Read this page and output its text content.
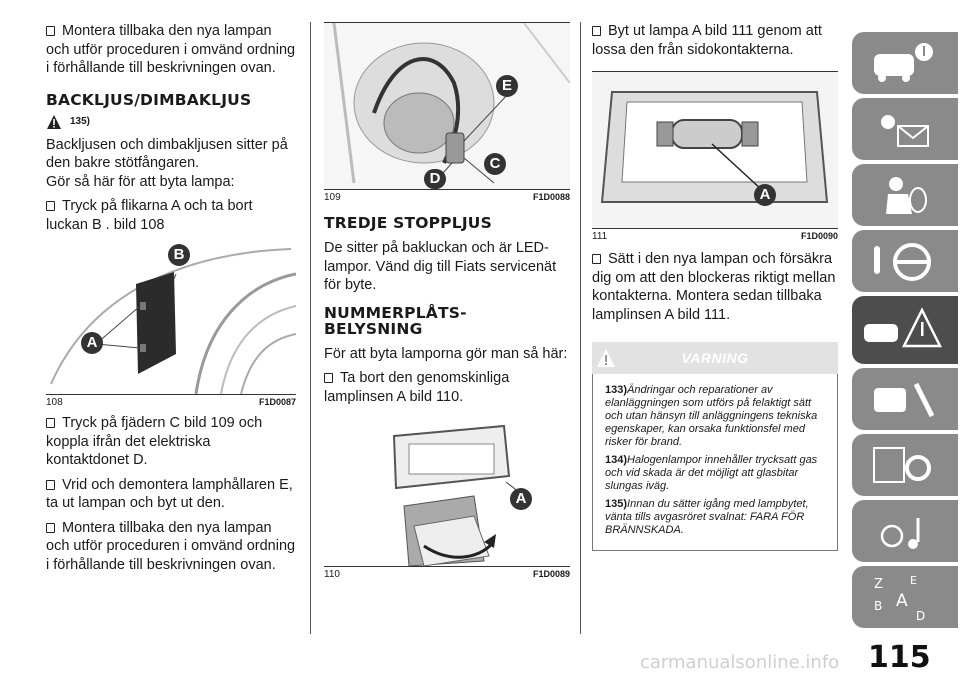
Montera tillbaka den nya lampan och utför proceduren i omvänd ordning i förhållande till beskrivningen ovan.

BACKLJUS/DIMBAKLJUS
135)

Backljusen och dimbakljusen sitter på den bakre stötfångaren.

Gör så här för att byta lampa:

Tryck på flikarna A och ta bort luckan B . bild 108

A
B
108	F1D0087

Tryck på fjädern C bild 109 och koppla ifrån det elektriska kontaktdonet D.

Vrid och demontera lamphållaren E, ta ut lampan och byt ut den.

Montera tillbaka den nya lampan och utför proceduren i omvänd ordning i förhållande till beskrivningen ovan.

E
C
D
109	F1D0088
TREDJE STOPPLJUS

De sitter på bakluckan och är LED-lampor. Vänd dig till Fiats servicenät för byte.

NUMMERPLÅTS-
BELYSNING

För att byta lamporna gör man så här:

Ta bort den genomskinliga lamplinsen A bild 110.

A
110	F1D0089

Byt ut lampa A bild 111 genom att lossa den från sidokontakterna.

A
111	F1D0090

Sätt i den nya lampan och försäkra dig om att den blockeras riktigt mellan kontakterna. Montera sedan tillbaka lamplinsen A bild 111.

VARNING

133)Ändringar och reparationer av elanläggningen som utförs på felaktigt sätt och utan hänsyn till anläggningens tekniska egenskaper, kan orsaka funktionsfel med risker för brand.

134)Halogenlampor innehåller trycksatt gas och vid skada är det möjligt att glasbitar slungas iväg.

135)Innan du sätter igång med lampbytet, vänta tills avgasröret svalnat: FARA FÖR BRÄNNSKADA.

Z E
A
B
D
115
carmanualsonline.info
